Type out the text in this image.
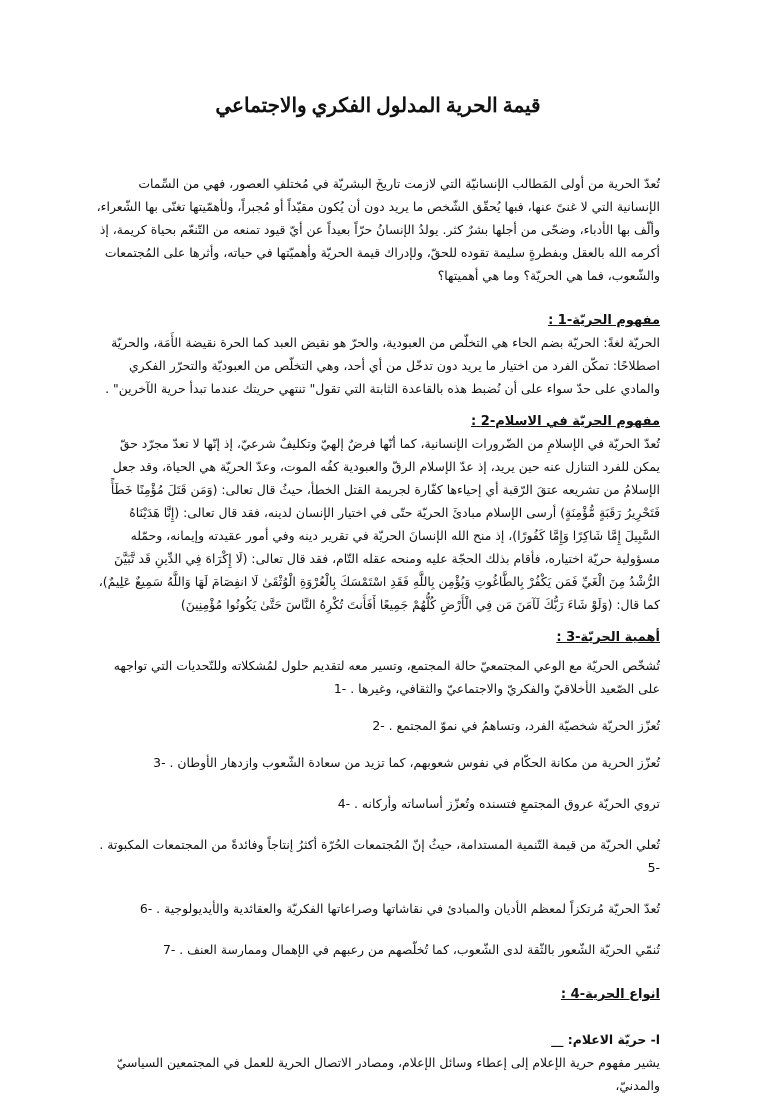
قيمة الحرية المدلول الفكري والاجتماعي

تُعدّ الحرية من أولى المَطالب الإنسانيّة التي لازمت تاريخَ البشريّة في مُختلفِ العصور، فهي من السِّمات الإنسانية التي لا غنىً عنها، فبها يُحقّق الشّخص ما يريد دون أن يُكون مقيّداً أو مُجبراً، ولأهمّيتها تغنّى بها الشّعراء، وألّف بها الأدباء، وضحّى من أجلها بشرٌ كثر. يولدُ الإنسانُ حرّاً بعيداً عن أيّ قيود تمنعه من التّنعّم بحياة كريمة، إذ أكرمه الله بالعقل وبفطرةٍ سليمة تقوده للحقّ، ولإدراك قيمة الحريّة وأهميّتها في حياته، وأثرها على المُجتمعات والشّعوب، فما هي الحريّة؟ وما هي أهميتها؟

مفهوم الحريّة-1 :

الحريّة لغةً: الحريّة بضم الحاء هي التخلّص من العبودية، والحرّ هو نقيض العبد كما الحرة نقيضة الأَمَة، والحريّة اصطلاحًا: تمكّن الفرد من اختيار ما يريد دون تدخّل من أي أحد، وهي التخلّص من العبوديّة والتحرّر الفكري والمادي على حدّ سواء على أن نُضبط هذه بالقاعدة الثابتة التي تقول" تنتهي حريتك عندما تبدأ حرية الآخرين" .

مفهوم الحريّة في الاسلام-2 :

تُعدّ الحريّة في الإسلامِ من الضّرورات الإنسانية، كما أنّها فرضٌ إلهيّ وتكليفٌ شرعيّ، إذ إنّها لا تعدّ مجرّد حقّ يمكن للفرد التنازل عنه حين يريد، إذ عدّ الإسلام الرقّ والعبودية كفُه الموت، وعدّ الحريّة هي الحياة، وقد جعل الإسلامُ من تشريعه عتقَ الرّقبة أي إحياءها كفّارة لجريمة القتل الخطأ، حيثُ قال تعالى: (وَمَن قَتَلَ مُؤْمِنًا خَطَأً فَتَحْرِيرُ رَقَبَةٍ مُّؤْمِنَةٍ) أرسى الإسلام مبادئَ الحريّة حتّى في اختيار الإنسان لدينه، فقد قال تعالى: (إِنَّا هَدَيْنَاهُ السَّبِيلَ إِمَّا شَاكِرًا وَإِمَّا كَفُورًا)، إذ منح الله الإنسانَ الحريّة في تقرير دينه وفي أمور عقيدته وإيمانه، وحمّله مسؤولية حريّة اختياره، فأقام بذلك الحجّة عليه ومنحه عقله التّام، فقد قال تعالى: (لَا إِكْرَاهَ فِي الدِّينِ قَد تَّبَيَّنَ الرُّشْدُ مِنَ الْغَيِّ فَمَن يَكْفُرْ بِالطَّاغُوتِ وَيُؤْمِن بِاللَّهِ فَقَدِ اسْتَمْسَكَ بِالْعُرْوَةِ الْوُثْقَىٰ لَا انفِصَامَ لَهَا وَاللَّهُ سَمِيعٌ عَلِيمٌ)، كما قال: (وَلَوْ شَاءَ رَبُّكَ لَآمَنَ مَن فِي الْأَرْضِ كُلُّهُمْ جَمِيعًا أَفَأَنتَ تُكْرِهُ النَّاسَ حَتَّىٰ يَكُونُوا مُؤْمِنِينَ)

أهمية الحريّة-3 :

تُشخّص الحريّة مع الوعي المجتمعيّ حالة المجتمع، وتسير معه لتقديم حلول لمُشكلاته وللتّحديات التي تواجهه على الصّعيد الأخلاقيّ والفكريّ والاجتماعيّ والثقافي، وغيرها . -1

تُعزّز الحريّة شخصيّة الفرد، وتساهمُ في نموّ المجتمع . -2

تُعزّز الحرية من مكانة الحكّام في نفوس شعوبهم، كما تزيد من سعادة الشّعوب وازدهار الأوطان . -3

تروي الحريّة عروق المجتمعِ فتسنده وتُعزّز أساساته وأركانه . -4

تُعلي الحريّة من قيمة التّنمية المستدامة، حيثُ إنّ المُجتمعات الحُرّة أكثرُ إنتاجاً وفائدةً من المجتمعات المكبوتة . -5

تُعدّ الحريّة مُرتكزاً لمعظم الأديان والمبادئ في نقاشاتها وصراعاتها الفكريّة والعقائدية والأيديولوجية . -6

تُنمّي الحريّة الشّعور بالثّقة لدى الشّعوب، كما تُخلّصهم من رعبهم في الإهمال وممارسة العنف . -7

انواع الحرية-4 :
ا- حريّة الاعلام: __

يشير مفهوم حرية الإعلام إلى إعطاء وسائل الإعلام، ومصادر الاتصال الحرية للعمل في المجتمعين السياسيّ والمدنيّ،
